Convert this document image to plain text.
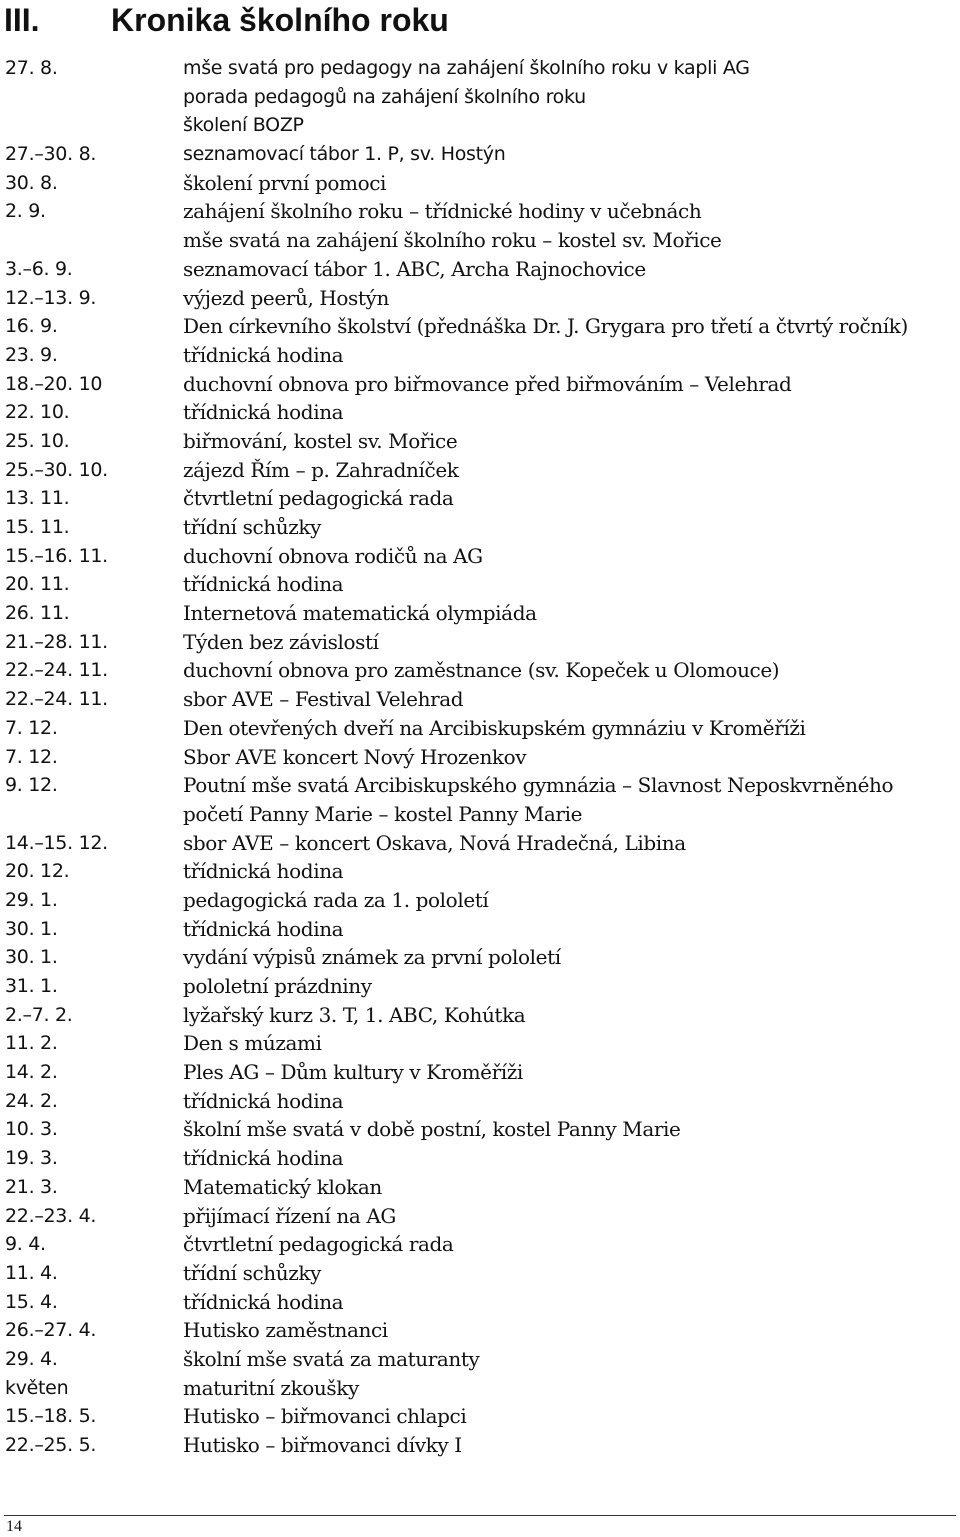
III. Kronika školního roku
27. 8.	mše svatá pro pedagogy na zahájení školního roku v kapli AG
porada pedagogů na zahájení školního roku
školení BOZP
27.–30. 8.	seznamovací tábor 1. P, sv. Hostýn
30. 8.	školení první pomoci
2. 9.	zahájení školního roku – třídnické hodiny v učebnách
mše svatá na zahájení školního roku – kostel sv. Mořice
3.–6. 9.	seznamovací tábor 1. ABC, Archa Rajnochovice
12.–13. 9.	výjezd peerů, Hostýn
16. 9.	Den církevního školství (přednáška Dr. J. Grygara pro třetí a čtvrtý ročník)
23. 9.	třídnická hodina
18.–20. 10	duchovní obnova pro biřmovance před biřmováním – Velehrad
22. 10.	třídnická hodina
25. 10.	biřmování, kostel sv. Mořice
25.–30. 10.	zájezd Řím – p. Zahradníček
13. 11.	čtvrtletní pedagogická rada
15. 11.	třídní schůzky
15.–16. 11.	duchovní obnova rodičů na AG
20. 11.	třídnická hodina
26. 11.	Internetová matematická olympiáda
21.–28. 11.	Týden bez závislostí
22.–24. 11.	duchovní obnova pro zaměstnance (sv. Kopeček u Olomouce)
22.–24. 11.	sbor AVE – Festival Velehrad
7. 12.	Den otevřených dveří na Arcibiskupském gymnáziu v Kroměříži
7. 12.	Sbor AVE koncert Nový Hrozenkov
9. 12.	Poutní mše svatá Arcibiskupského gymnázia – Slavnost Neposkvrněného
početí Panny Marie – kostel Panny Marie
14.–15. 12.	sbor AVE – koncert Oskava, Nová Hradečná, Libina
20. 12.	třídnická hodina
29. 1.	pedagogická rada za 1. pololetí
30. 1.	třídnická hodina
30. 1.	vydání výpisů známek za první pololetí
31. 1.	pololetní prázdniny
2.–7. 2.	lyžařský kurz 3. T, 1. ABC, Kohútka
11. 2.	Den s múzami
14. 2.	Ples AG – Dům kultury v Kroměříži
24. 2.	třídnická hodina
10. 3.	školní mše svatá v době postní, kostel Panny Marie
19. 3.	třídnická hodina
21. 3.	Matematický klokan
22.–23. 4.	přijímací řízení na AG
9. 4.	čtvrtletní pedagogická rada
11. 4.	třídní schůzky
15. 4.	třídnická hodina
26.–27. 4.	Hutisko zaměstnanci
29. 4.	školní mše svatá za maturanty
květen	maturitní zkoušky
15.–18. 5.	Hutisko – biřmovanci chlapci
22.–25. 5.	Hutisko – biřmovanci dívky I
14
